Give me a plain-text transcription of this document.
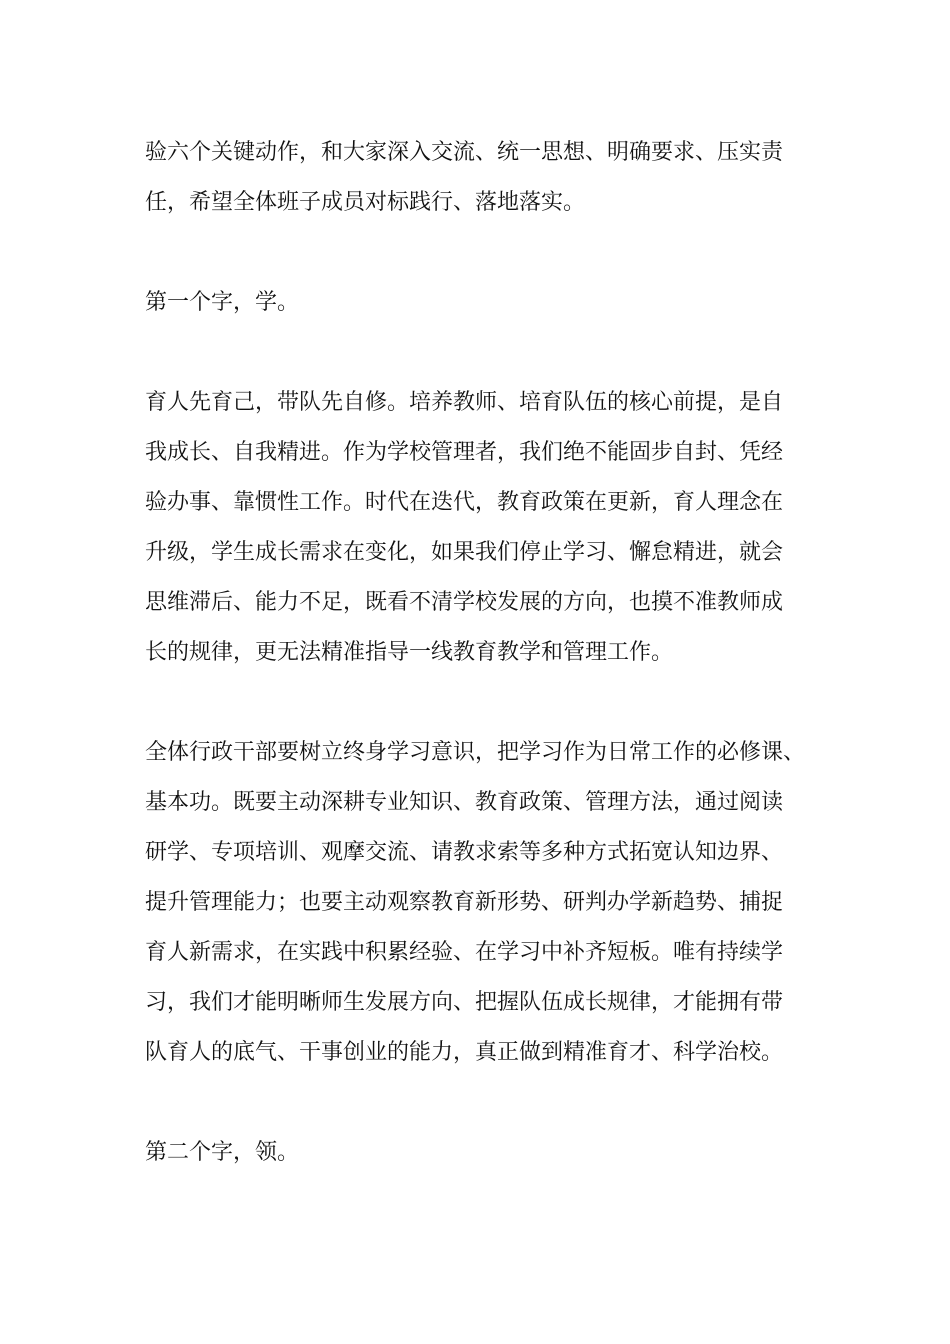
验六个关键动作，和大家深入交流、统一思想、明确要求、压实责
任，希望全体班子成员对标践行、落地落实。

第一个字，学。

育人先育己，带队先自修。培养教师、培育队伍的核心前提，是自
我成长、自我精进。作为学校管理者，我们绝不能固步自封、凭经
验办事、靠惯性工作。时代在迭代，教育政策在更新，育人理念在
升级，学生成长需求在变化，如果我们停止学习、懈怠精进，就会
思维滞后、能力不足，既看不清学校发展的方向，也摸不准教师成
长的规律，更无法精准指导一线教育教学和管理工作。

全体行政干部要树立终身学习意识，把学习作为日常工作的必修课、
基本功。既要主动深耕专业知识、教育政策、管理方法，通过阅读
研学、专项培训、观摩交流、请教求索等多种方式拓宽认知边界、
提升管理能力；也要主动观察教育新形势、研判办学新趋势、捕捉
育人新需求，在实践中积累经验、在学习中补齐短板。唯有持续学
习，我们才能明晰师生发展方向、把握队伍成长规律，才能拥有带
队育人的底气、干事创业的能力，真正做到精准育才、科学治校。

第二个字，领。
